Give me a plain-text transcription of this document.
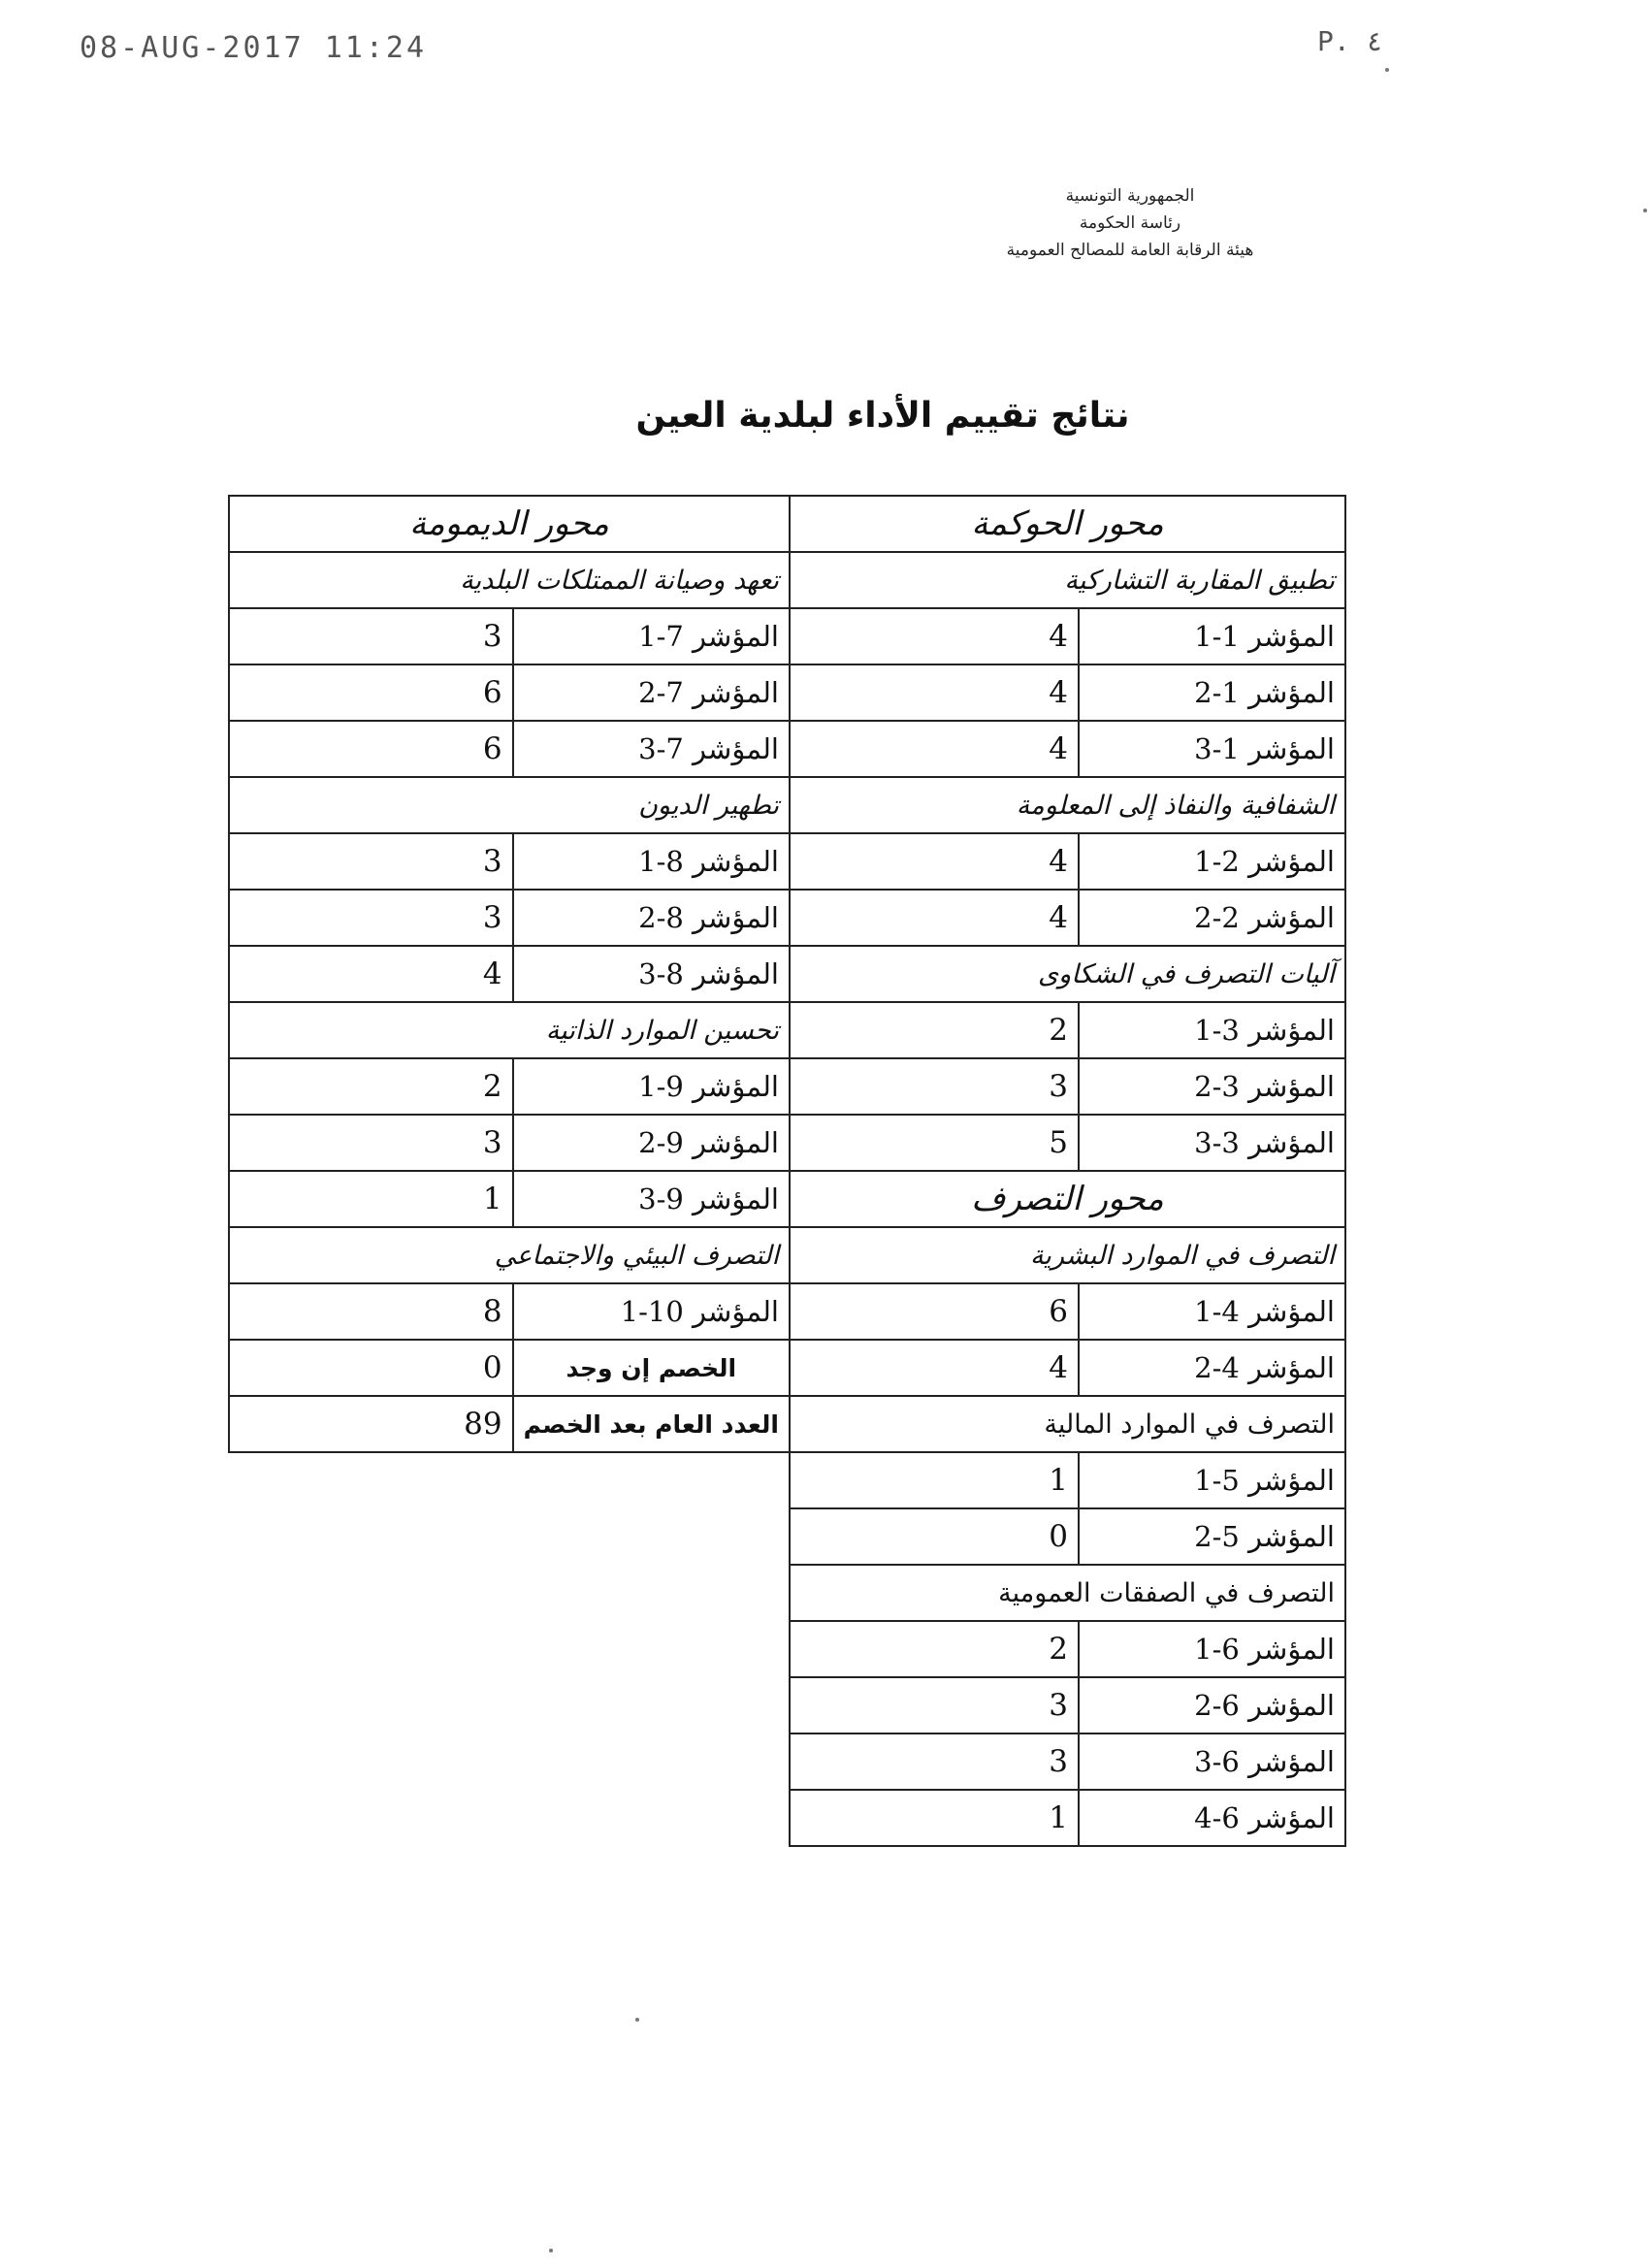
08-AUG-2017 11:24	P. ٤
الجمهورية التونسية
رئاسة الحكومة
هيئة الرقابة العامة للمصالح العمومية
نتائج تقييم الأداء لبلدية العين
محور الحوكمة	
تطبيق المقاربة التشاركية	
المؤشر 1-1	4
المؤشر 1-2	4
المؤشر 1-3	4
الشفافية والنفاذ إلى المعلومة	
المؤشر 2-1	4
المؤشر 2-2	4
آليات التصرف في الشكاوى	
المؤشر 3-1	2
المؤشر 3-2	3
المؤشر 3-3	5
محور التصرف	
التصرف في الموارد البشرية	
المؤشر 4-1	6
المؤشر 4-2	4
التصرف في الموارد المالية	
المؤشر 5-1	1
المؤشر 5-2	0
التصرف في الصفقات العمومية	
المؤشر 6-1	2
المؤشر 6-2	3
المؤشر 6-3	3
المؤشر 6-4	1
محور الديمومة	
تعهد وصيانة الممتلكات البلدية	
المؤشر 7-1	3
المؤشر 7-2	6
المؤشر 7-3	6
تطهير الديون	
المؤشر 8-1	3
المؤشر 8-2	3
المؤشر 8-3	4
تحسين الموارد الذاتية	
المؤشر 9-1	2
المؤشر 9-2	3
المؤشر 9-3	1
التصرف البيئي والاجتماعي	
المؤشر 10-1	8
الخصم إن وجد	0
العدد العام بعد الخصم	89
